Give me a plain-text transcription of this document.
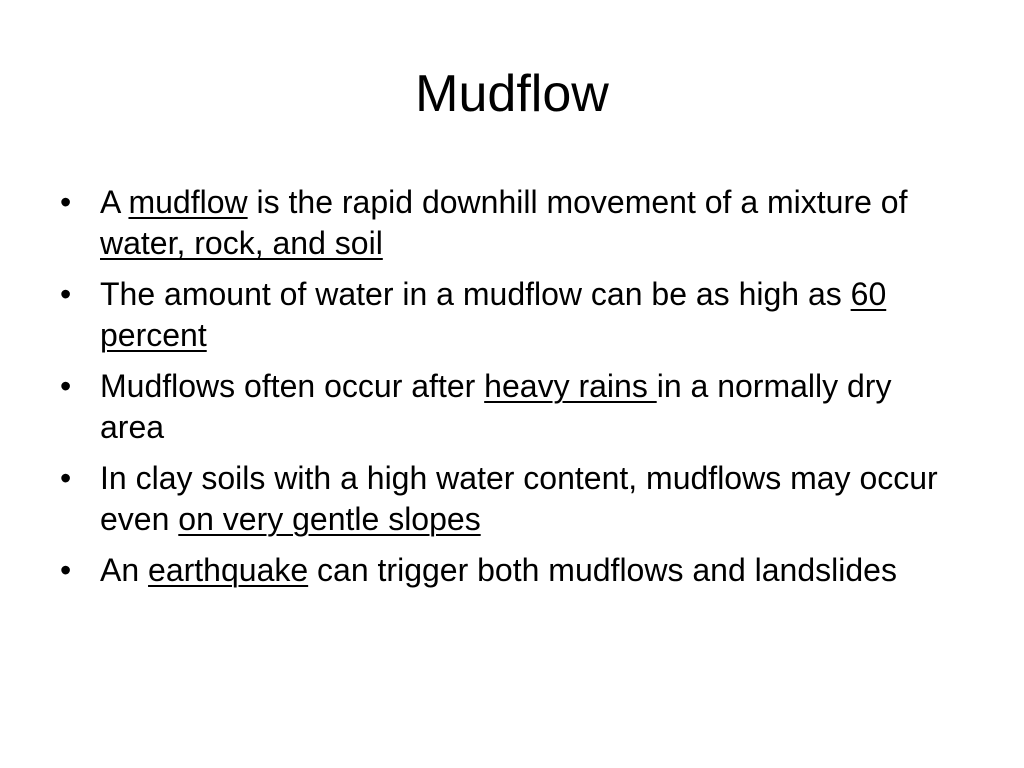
Mudflow
• A mudflow is the rapid downhill movement of a mixture of water, rock, and soil
• The amount of water in a mudflow can be as high as 60 percent
• Mudflows often occur after heavy rains in a normally dry area
• In clay soils with a high water content, mudflows may occur even on very gentle slopes
• An earthquake can trigger both mudflows and landslides
